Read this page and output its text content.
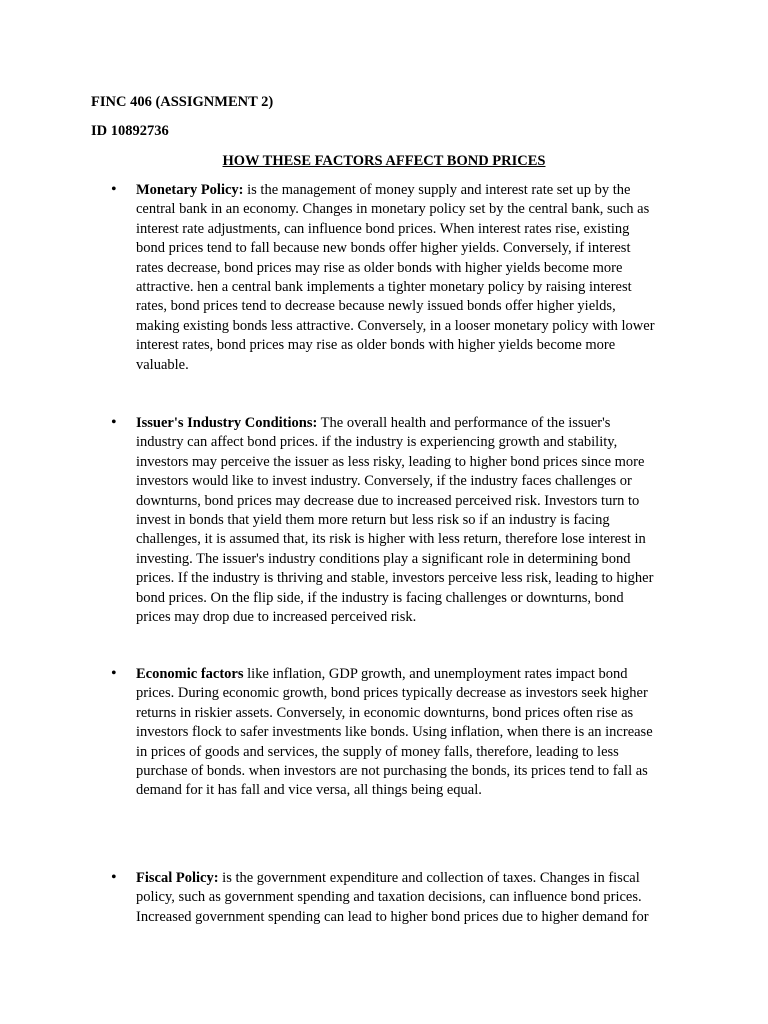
FINC 406 (ASSIGNMENT 2)
ID 10892736
HOW THESE FACTORS AFFECT BOND PRICES
•	Monetary Policy: is the management of money supply and interest rate set up by the
central bank in an economy. Changes in monetary policy set by the central bank, such as
interest rate adjustments, can influence bond prices. When interest rates rise, existing
bond prices tend to fall because new bonds offer higher yields. Conversely, if interest
rates decrease, bond prices may rise as older bonds with higher yields become more
attractive. hen a central bank implements a tighter monetary policy by raising interest
rates, bond prices tend to decrease because newly issued bonds offer higher yields,
making existing bonds less attractive. Conversely, in a looser monetary policy with lower
interest rates, bond prices may rise as older bonds with higher yields become more
valuable.
•	Issuer's Industry Conditions: The overall health and performance of the issuer's
industry can affect bond prices. if the industry is experiencing growth and stability,
investors may perceive the issuer as less risky, leading to higher bond prices since more
investors would like to invest industry. Conversely, if the industry faces challenges or
downturns, bond prices may decrease due to increased perceived risk. Investors turn to
invest in bonds that yield them more return but less risk so if an industry is facing
challenges, it is assumed that, its risk is higher with less return, therefore lose interest in
investing. The issuer's industry conditions play a significant role in determining bond
prices. If the industry is thriving and stable, investors perceive less risk, leading to higher
bond prices. On the flip side, if the industry is facing challenges or downturns, bond
prices may drop due to increased perceived risk.
•	Economic factors like inflation, GDP growth, and unemployment rates impact bond
prices. During economic growth, bond prices typically decrease as investors seek higher
returns in riskier assets. Conversely, in economic downturns, bond prices often rise as
investors flock to safer investments like bonds. Using inflation, when there is an increase
in prices of goods and services, the supply of money falls, therefore, leading to less
purchase of bonds. when investors are not purchasing the bonds, its prices tend to fall as
demand for it has fall and vice versa, all things being equal.
•	Fiscal Policy: is the government expenditure and collection of taxes. Changes in fiscal
policy, such as government spending and taxation decisions, can influence bond prices.
Increased government spending can lead to higher bond prices due to higher demand for
